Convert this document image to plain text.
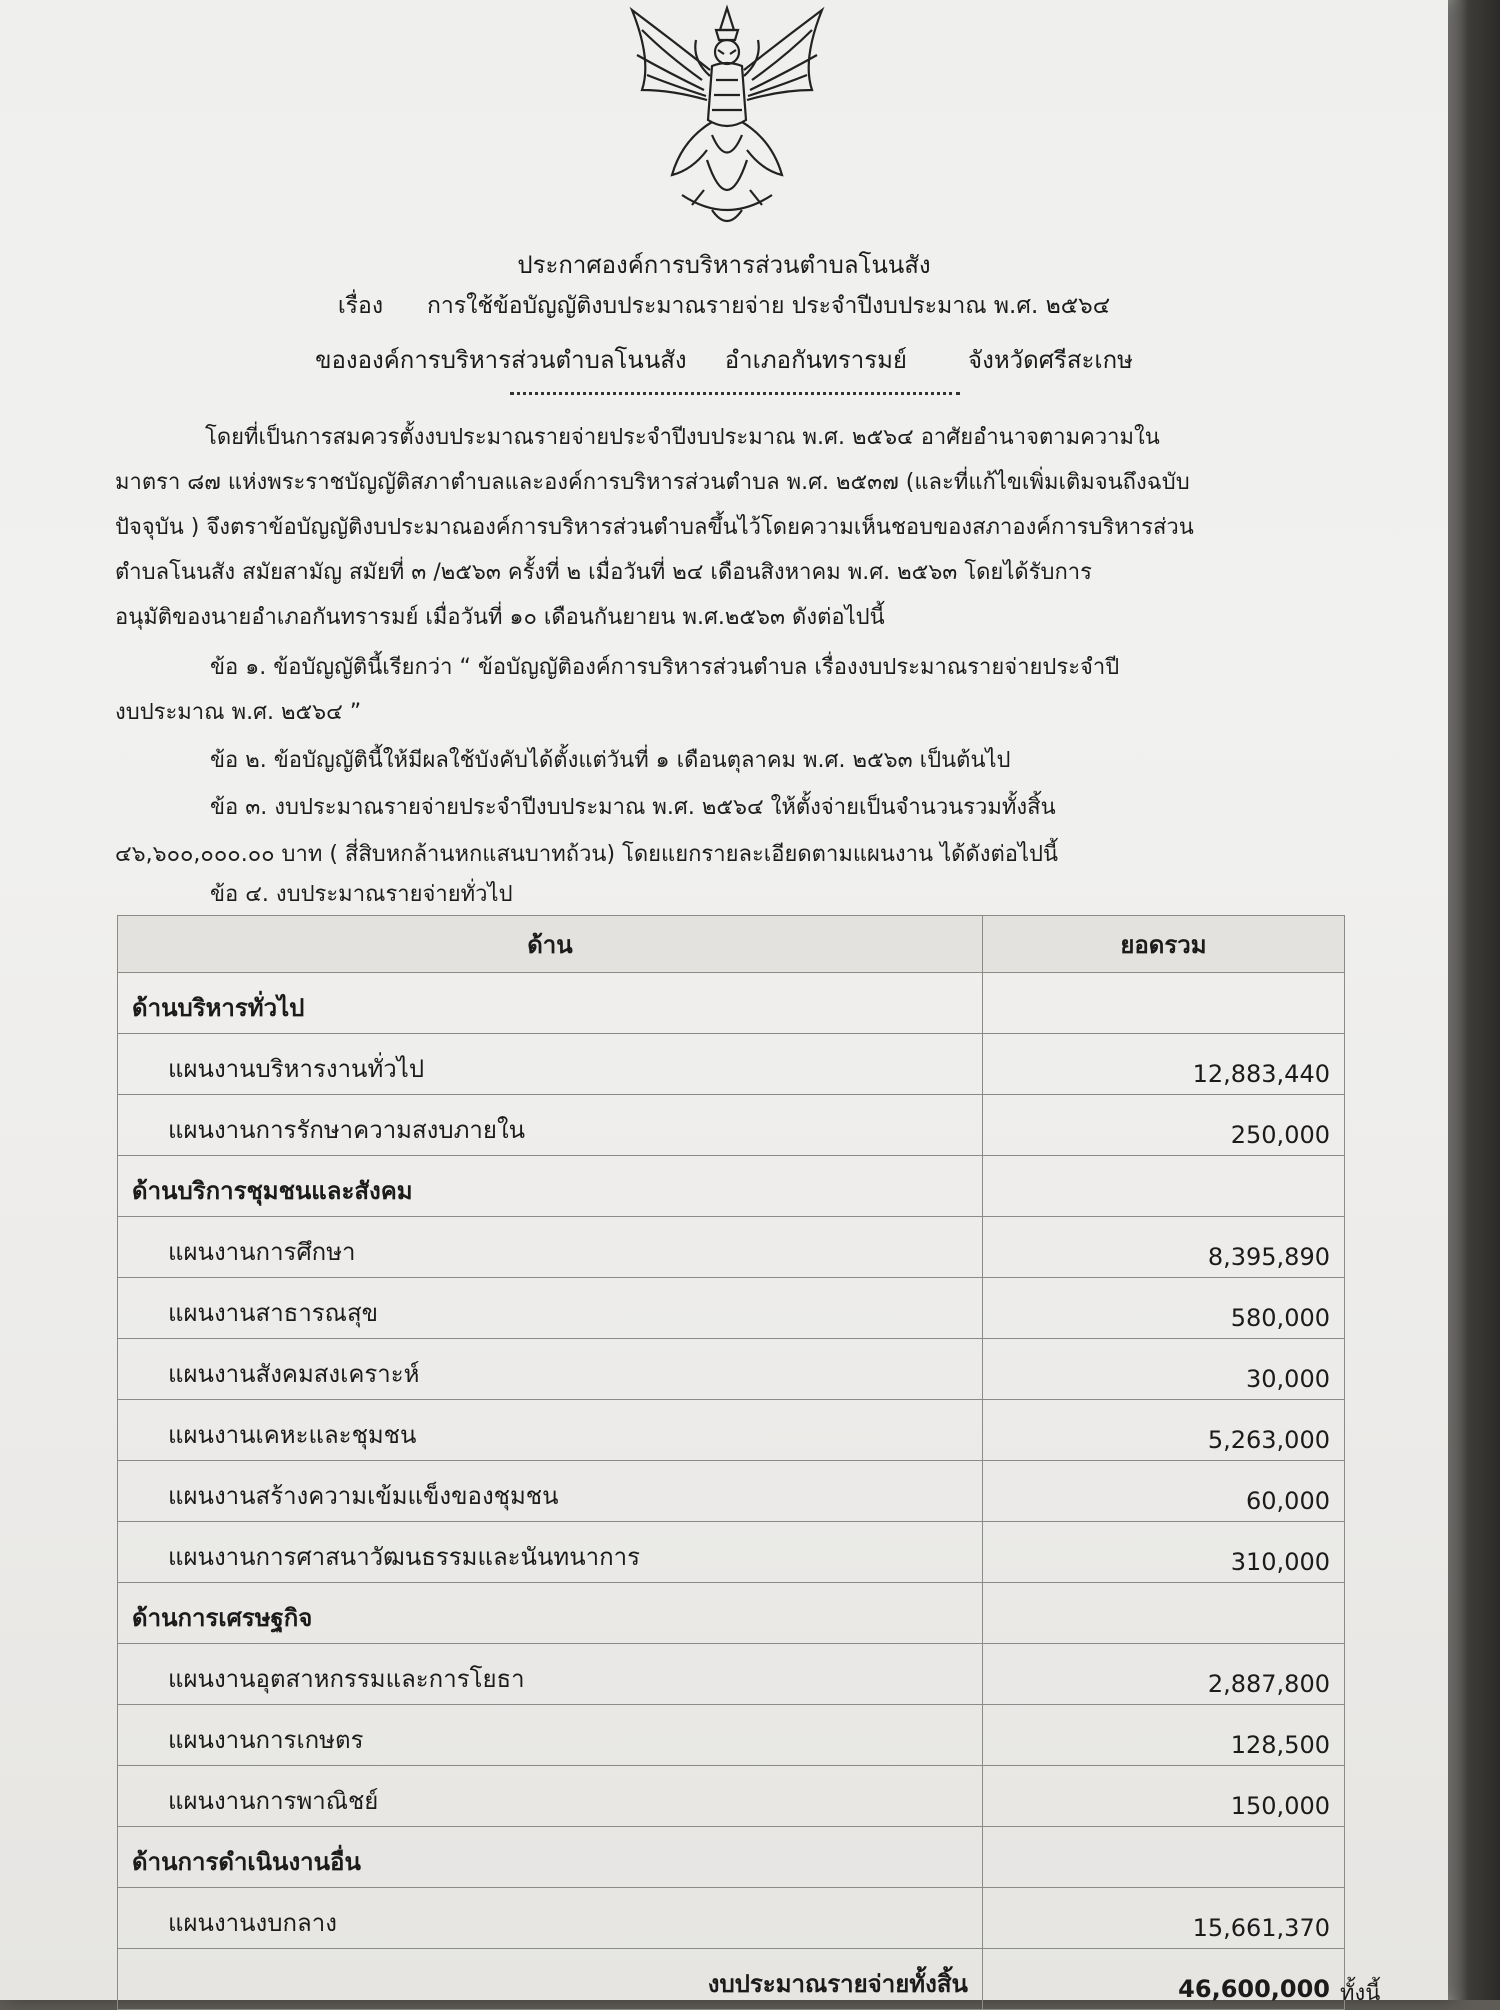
ประกาศองค์การบริหารส่วนตำบลโนนสัง
เรื่อง การใช้ข้อบัญญัติงบประมาณรายจ่าย ประจำปีงบประมาณ พ.ศ. ๒๕๖๔
ขององค์การบริหารส่วนตำบลโนนสัง อำเภอกันทรารมย์	จังหวัดศรีสะเกษ
โดยที่เป็นการสมควรตั้งงบประมาณรายจ่ายประจำปีงบประมาณ พ.ศ. ๒๕๖๔ อาศัยอำนาจตามความใน
มาตรา ๘๗ แห่งพระราชบัญญัติสภาตำบลและองค์การบริหารส่วนตำบล พ.ศ. ๒๕๓๗ (และที่แก้ไขเพิ่มเติมจนถึงฉบับ
ปัจจุบัน ) จึงตราข้อบัญญัติงบประมาณองค์การบริหารส่วนตำบลขึ้นไว้โดยความเห็นชอบของสภาองค์การบริหารส่วน
ตำบลโนนสัง สมัยสามัญ สมัยที่ ๓ /๒๕๖๓ ครั้งที่ ๒ เมื่อวันที่ ๒๔ เดือนสิงหาคม พ.ศ. ๒๕๖๓ โดยได้รับการ
อนุมัติของนายอำเภอกันทรารมย์ เมื่อวันที่ ๑๐ เดือนกันยายน พ.ศ.๒๕๖๓ ดังต่อไปนี้
ข้อ ๑. ข้อบัญญัตินี้เรียกว่า “ ข้อบัญญัติองค์การบริหารส่วนตำบล เรื่องงบประมาณรายจ่ายประจำปี
งบประมาณ พ.ศ. ๒๕๖๔ ”
ข้อ ๒. ข้อบัญญัตินี้ให้มีผลใช้บังคับได้ตั้งแต่วันที่ ๑ เดือนตุลาคม พ.ศ. ๒๕๖๓ เป็นต้นไป
ข้อ ๓. งบประมาณรายจ่ายประจำปีงบประมาณ พ.ศ. ๒๕๖๔ ให้ตั้งจ่ายเป็นจำนวนรวมทั้งสิ้น
๔๖,๖๐๐,๐๐๐.๐๐ บาท ( สี่สิบหกล้านหกแสนบาทถ้วน) โดยแยกรายละเอียดตามแผนงาน ได้ดังต่อไปนี้
ข้อ ๔. งบประมาณรายจ่ายทั่วไป
ด้าน	ยอดรวม
ด้านบริหารทั่วไป	
แผนงานบริหารงานทั่วไป	12,883,440
แผนงานการรักษาความสงบภายใน	250,000
ด้านบริการชุมชนและสังคม	
แผนงานการศึกษา	8,395,890
แผนงานสาธารณสุข	580,000
แผนงานสังคมสงเคราะห์	30,000
แผนงานเคหะและชุมชน	5,263,000
แผนงานสร้างความเข้มแข็งของชุมชน	60,000
แผนงานการศาสนาวัฒนธรรมและนันทนาการ	310,000
ด้านการเศรษฐกิจ	
แผนงานอุตสาหกรรมและการโยธา	2,887,800
แผนงานการเกษตร	128,500
แผนงานการพาณิชย์	150,000
ด้านการดำเนินงานอื่น	
แผนงานงบกลาง	15,661,370
งบประมาณรายจ่ายทั้งสิ้น	46,600,000 ทั้งนี้
